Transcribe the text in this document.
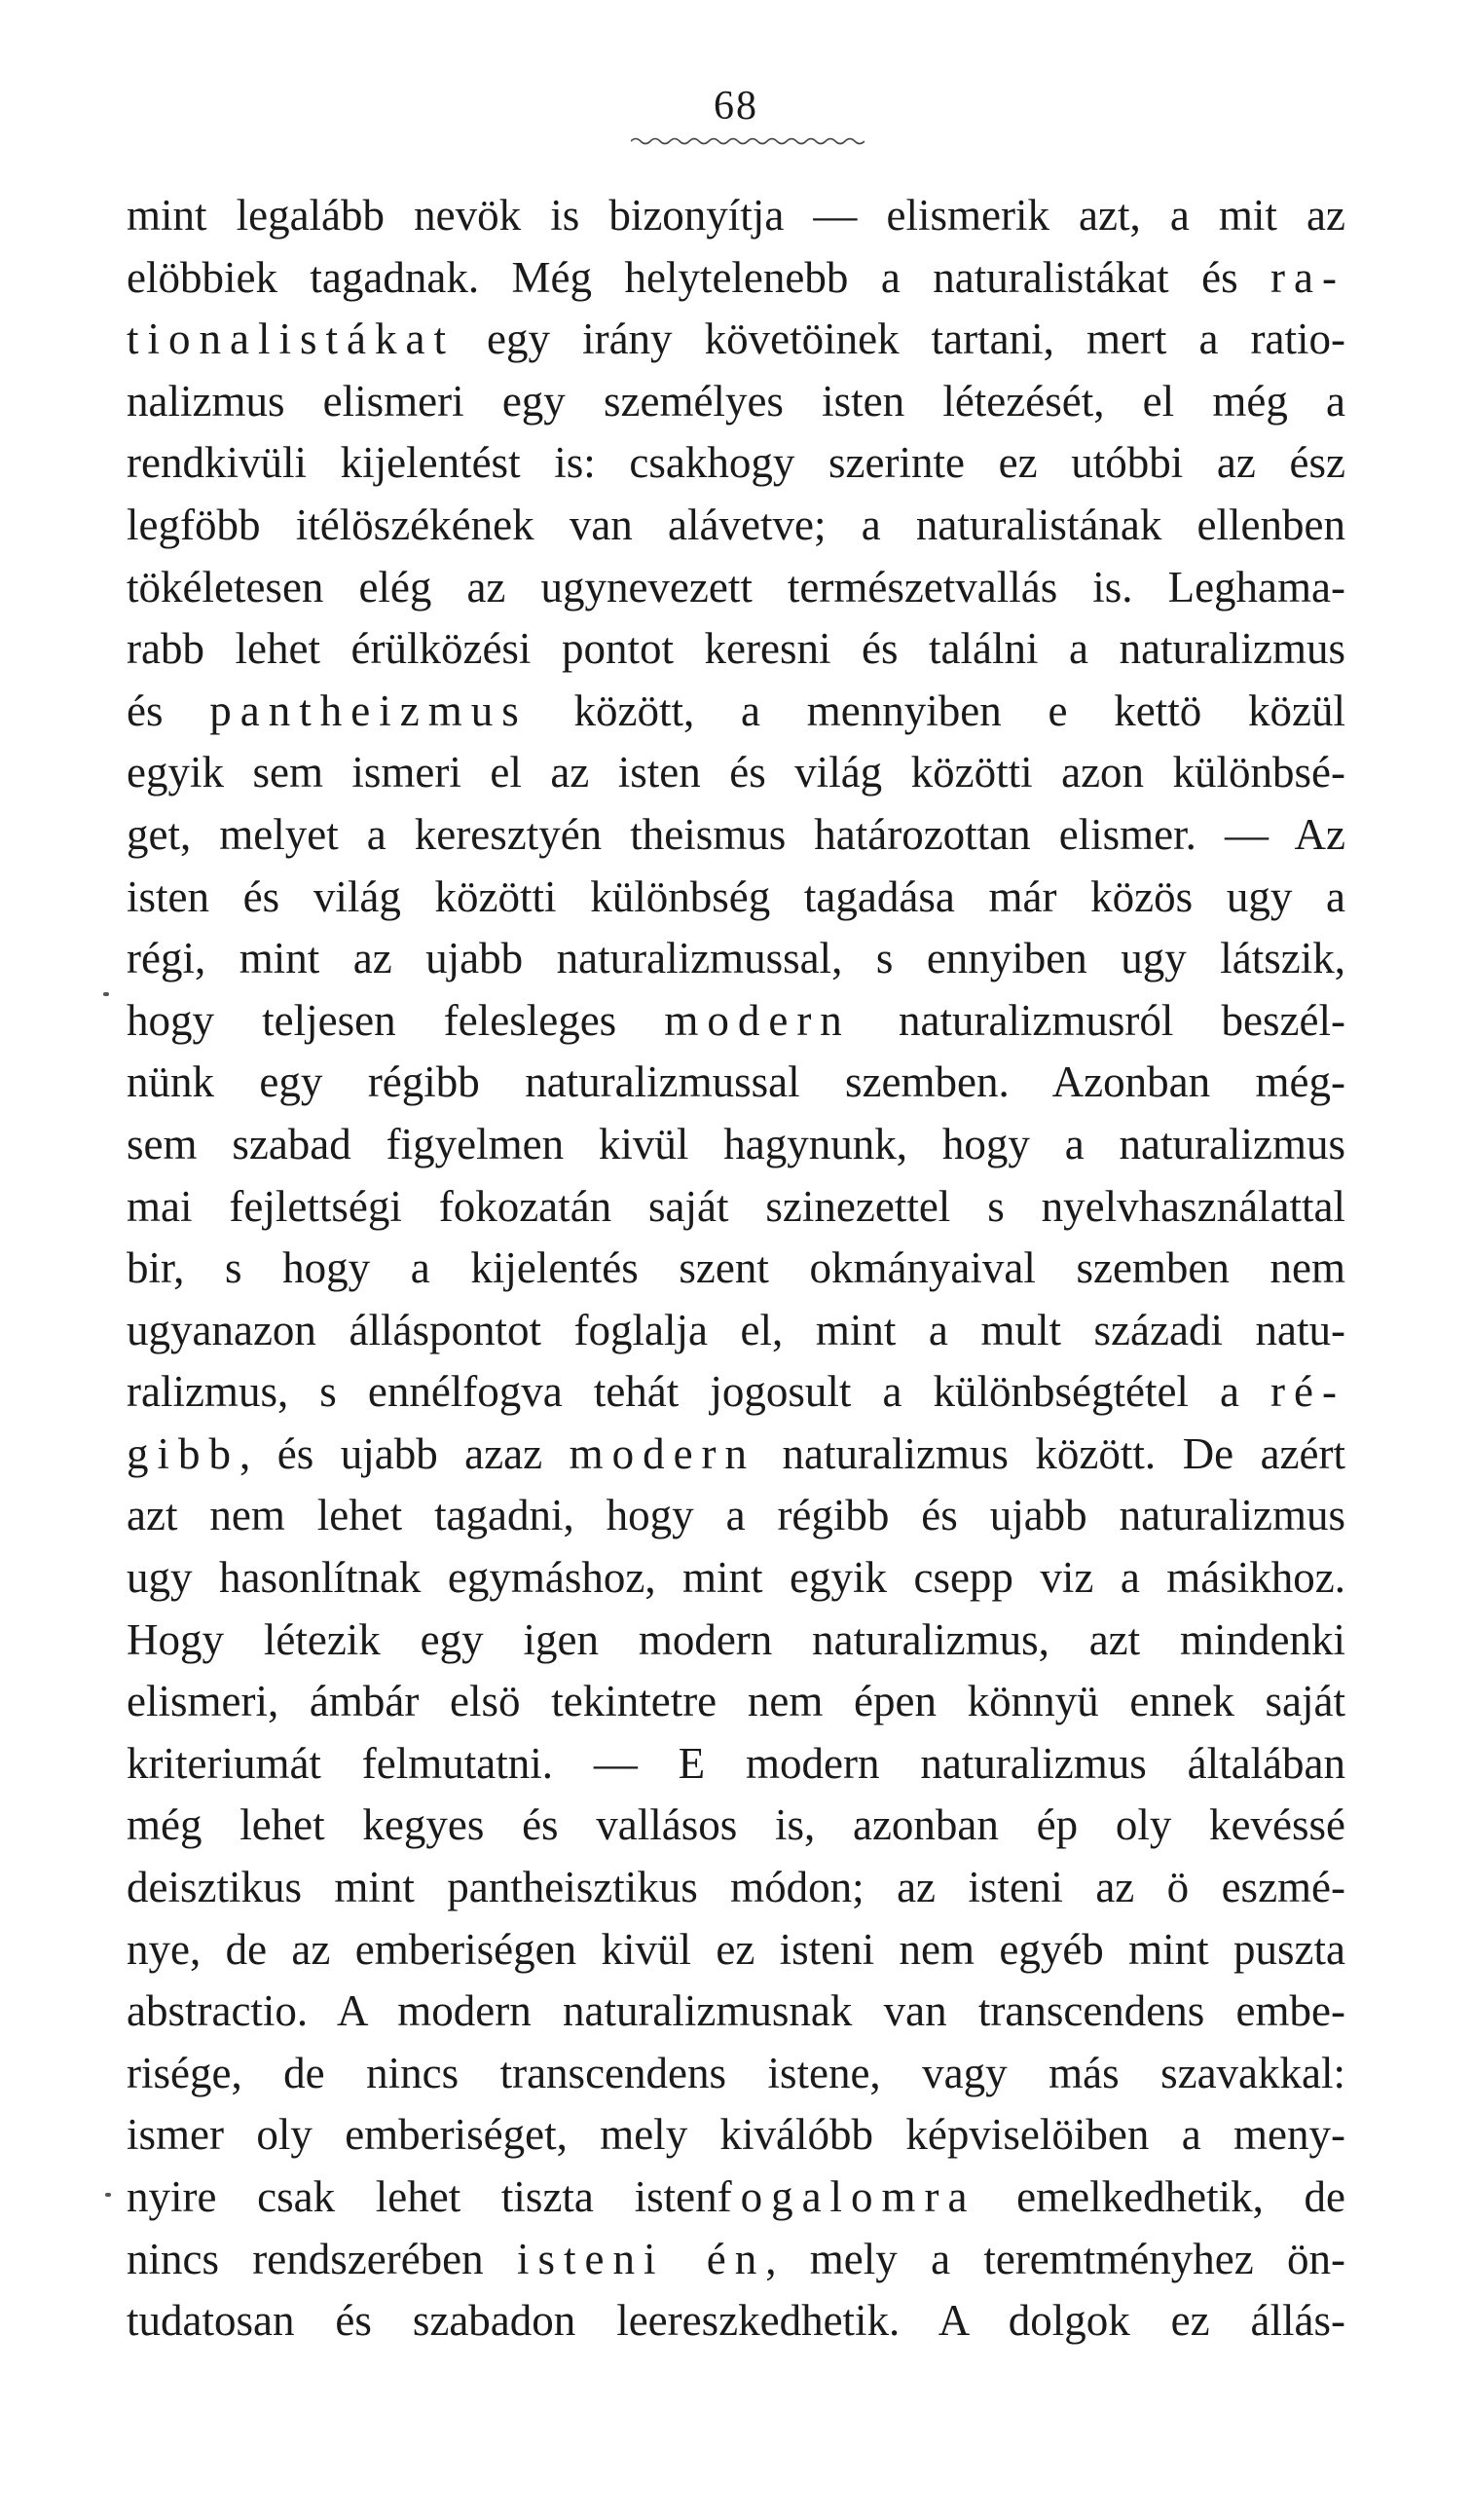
68
mint legalább nevök is bizonyítja — elismerik azt, a mit az
elöbbiek tagadnak. Még helytelenebb a naturalistákat és ra-
tionalistákat egy irány követöinek tartani, mert a ratio-
nalizmus elismeri egy személyes isten létezését, el még a
rendkivüli kijelentést is: csakhogy szerinte ez utóbbi az ész
legföbb itélöszékének van alávetve; a naturalistának ellenben
tökéletesen elég az ugynevezett természetvallás is. Leghama-
rabb lehet érülközési pontot keresni és találni a naturalizmus
és pantheizmus között, a mennyiben e kettö közül
egyik sem ismeri el az isten és világ közötti azon különbsé-
get, melyet a keresztyén theismus határozottan elismer. — Az
isten és világ közötti különbség tagadása már közös ugy a
régi, mint az ujabb naturalizmussal, s ennyiben ugy látszik,
hogy teljesen felesleges modern naturalizmusról beszél-
nünk egy régibb naturalizmussal szemben. Azonban még-
sem szabad figyelmen kivül hagynunk, hogy a naturalizmus
mai fejlettségi fokozatán saját szinezettel s nyelvhasználattal
bir, s hogy a kijelentés szent okmányaival szemben nem
ugyanazon álláspontot foglalja el, mint a mult századi natu-
ralizmus, s ennélfogva tehát jogosult a különbségtétel a ré-
gibb, és ujabb azaz modern naturalizmus között. De azért
azt nem lehet tagadni, hogy a régibb és ujabb naturalizmus
ugy hasonlítnak egymáshoz, mint egyik csepp viz a másikhoz.
Hogy létezik egy igen modern naturalizmus, azt mindenki
elismeri, ámbár elsö tekintetre nem épen könnyü ennek saját
kriteriumát felmutatni. — E modern naturalizmus általában
még lehet kegyes és vallásos is, azonban ép oly kevéssé
deisztikus mint pantheisztikus módon; az isteni az ö eszmé-
nye, de az emberiségen kivül ez isteni nem egyéb mint puszta
abstractio. A modern naturalizmusnak van transcendens embe-
risége, de nincs transcendens istene, vagy más szavakkal:
ismer oly emberiséget, mely kiválóbb képviselöiben a meny-
nyire csak lehet tiszta istenfogalomra emelkedhetik, de
nincs rendszerében isteni én, mely a teremtményhez ön-
tudatosan és szabadon leereszkedhetik. A dolgok ez állás-
